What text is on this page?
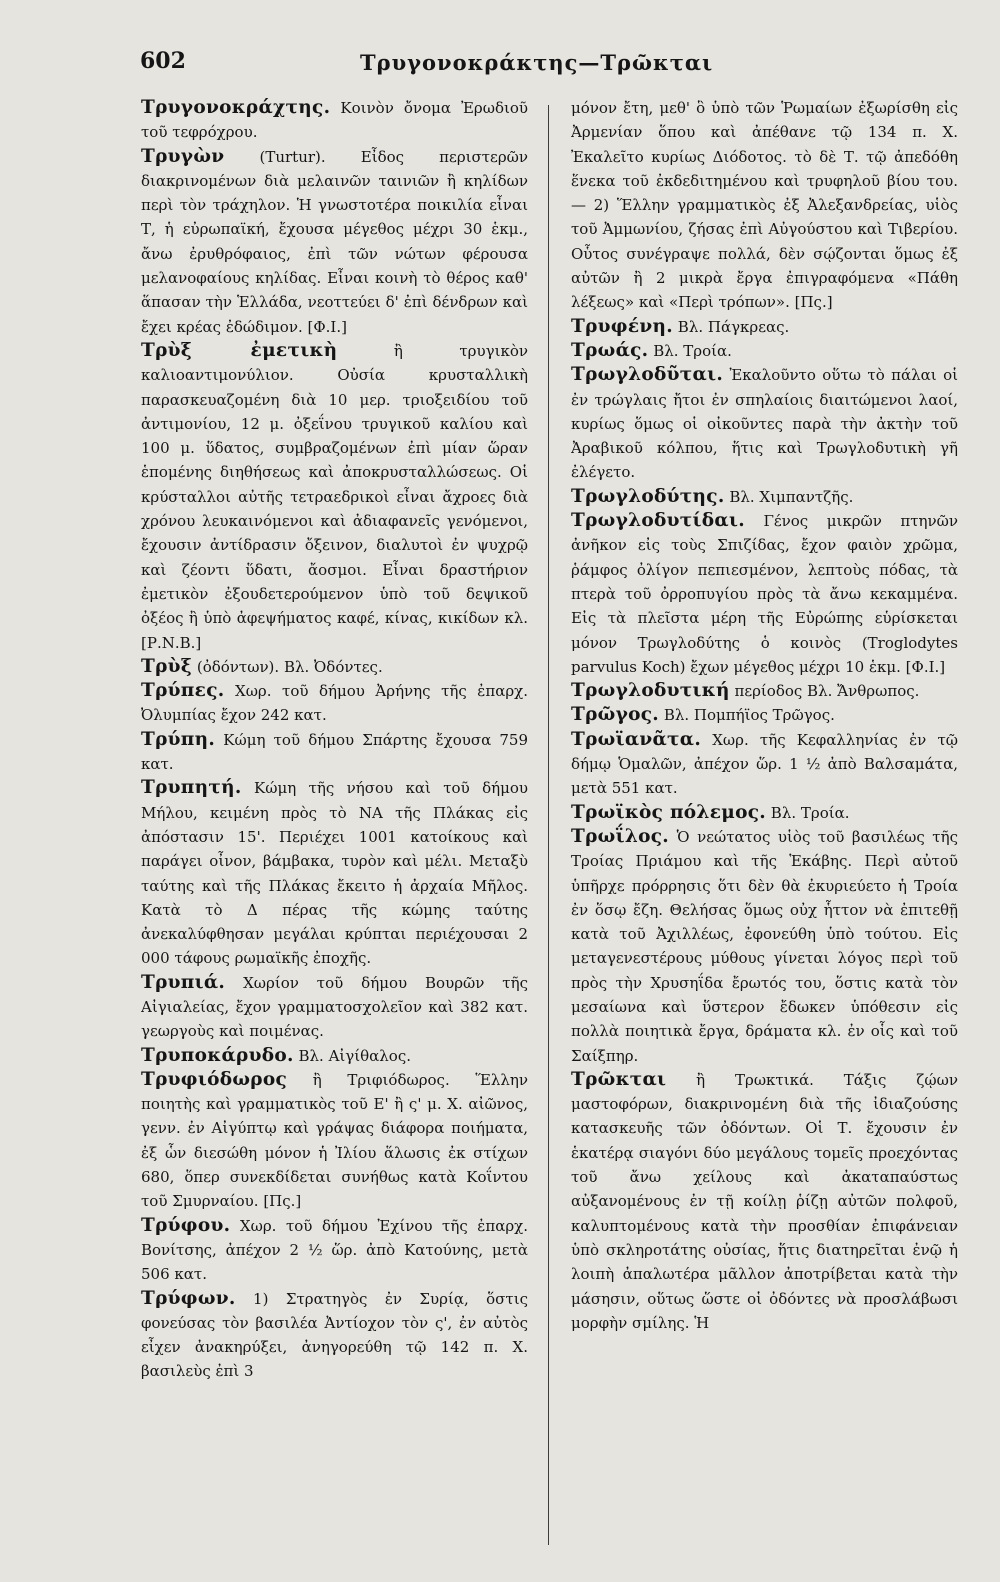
602	Τρυγονοκράκτης—Τρῶκται

Τρυγονοκράχτης. Κοινὸν ὄνομα Ἐρωδιοῦ τοῦ τεφρόχρου.

Τρυγὼν (Turtur). Εἶδος περιστερῶν διακρινομένων διὰ μελαινῶν ταινιῶν ἢ κηλίδων περὶ τὸν τράχηλον. Ἡ γνωστοτέρα ποικιλία εἶναι Τ, ἡ εὐρωπαϊκή, ἔχουσα μέγεθος μέχρι 30 ἑκμ., ἄνω ἐρυθρόφαιος, ἐπὶ τῶν νώτων φέρουσα μελανοφαίους κηλίδας. Εἶναι κοινὴ τὸ θέρος καθ' ἅπασαν τὴν Ἑλλάδα, νεοττεύει δ' ἐπὶ δένδρων καὶ ἔχει κρέας ἐδώδιμον. [Φ.Ι.]

Τρὺξ ἐμετικὴ ἢ τρυγικὸν καλιοαντιμονύλιον. Οὐσία κρυσταλλικὴ παρασκευαζομένη διὰ 10 μερ. τριοξειδίου τοῦ ἀντιμονίου, 12 μ. ὀξεΐνου τρυγικοῦ καλίου καὶ 100 μ. ὕδατος, συμβραζομένων ἐπὶ μίαν ὥραν ἑπομένης διηθήσεως καὶ ἀποκρυσταλλώσεως. Οἱ κρύσταλλοι αὐτῆς τετραεδρικοὶ εἶναι ἄχροες διὰ χρόνου λευκαινόμενοι καὶ ἀδιαφανεῖς γενόμενοι, ἔχουσιν ἀντίδρασιν ὄξεινον, διαλυτοὶ ἐν ψυχρῷ καὶ ζέοντι ὕδατι, ἄοσμοι. Εἶναι δραστήριον ἐμετικὸν ἐξουδετερούμενον ὑπὸ τοῦ δεψικοῦ ὀξέος ἢ ὑπὸ ἀφεψήματος καφέ, κίνας, κικίδων κλ. [Ρ.Ν.Β.]

Τρὺξ (ὀδόντων). Βλ. Ὀδόντες.

Τρύπες. Χωρ. τοῦ δήμου Ἀρήνης τῆς ἐπαρχ. Ὀλυμπίας ἔχον 242 κατ.

Τρύπη. Κώμη τοῦ δήμου Σπάρτης ἔχουσα 759 κατ.

Τρυπητή. Κώμη τῆς νήσου καὶ τοῦ δήμου Μήλου, κειμένη πρὸς τὸ ΝΑ τῆς Πλάκας εἰς ἀπόστασιν 15'. Περιέχει 1001 κατοίκους καὶ παράγει οἶνον, βάμβακα, τυρὸν καὶ μέλι. Μεταξὺ ταύτης καὶ τῆς Πλάκας ἔκειτο ἡ ἀρχαία Μῆλος. Κατὰ τὸ Δ πέρας τῆς κώμης ταύτης ἀνεκαλύφθησαν μεγάλαι κρύπται περιέχουσαι 2 000 τάφους ρωμαϊκῆς ἐποχῆς.

Τρυπιά. Χωρίον τοῦ δήμου Βουρῶν τῆς Αἰγιαλείας, ἔχον γραμματοσχολεῖον καὶ 382 κατ. γεωργοὺς καὶ ποιμένας.

Τρυποκάρυδο. Βλ. Αἰγίθαλος.

Τρυφιόδωρος ἢ Τριφιόδωρος. Ἕλλην ποιητὴς καὶ γραμματικὸς τοῦ Ε' ἢ ς' μ. Χ. αἰῶνος, γενν. ἐν Αἰγύπτῳ καὶ γράψας διάφορα ποιήματα, ἐξ ὧν διεσώθη μόνον ἡ Ἰλίου ἅλωσις ἐκ στίχων 680, ὅπερ συνεκδίδεται συνήθως κατὰ Κοΐντου τοῦ Σμυρναίου. [Πς.]

Τρύφου. Χωρ. τοῦ δήμου Ἐχίνου τῆς ἐπαρχ. Βονίτσης, ἀπέχον 2 ½ ὥρ. ἀπὸ Κατούνης, μετὰ 506 κατ.

Τρύφων. 1) Στρατηγὸς ἐν Συρίᾳ, ὅστις φονεύσας τὸν βασιλέα Ἀντίοχον τὸν ς', ἐν αὐτὸς εἶχεν ἀνακηρύξει, ἀνηγορεύθη τῷ 142 π. Χ. βασιλεὺς ἐπὶ 3

μόνον ἔτη, μεθ' ὃ ὑπὸ τῶν Ῥωμαίων ἐξωρίσθη εἰς Ἀρμενίαν ὅπου καὶ ἀπέθανε τῷ 134 π. Χ. Ἐκαλεῖτο κυρίως Διόδοτος. τὸ δὲ Τ. τῷ ἀπεδόθη ἕνεκα τοῦ ἐκδεδιτημένου καὶ τρυφηλοῦ βίου του. — 2) Ἕλλην γραμματικὸς ἐξ Ἀλεξανδρείας, υἱὸς τοῦ Ἀμμωνίου, ζήσας ἐπὶ Αὐγούστου καὶ Τιβερίου. Οὗτος συνέγραψε πολλά, δὲν σῴζονται ὅμως ἐξ αὐτῶν ἢ 2 μικρὰ ἔργα ἐπιγραφόμενα «Πάθη λέξεως» καὶ «Περὶ τρόπων». [Πς.]

Τρυφένη. Βλ. Πάγκρεας.

Τρωάς. Βλ. Τροία.

Τρωγλοδῦται. Ἐκαλοῦντο οὕτω τὸ πάλαι οἱ ἐν τρώγλαις ἤτοι ἐν σπηλαίοις διαιτώμενοι λαοί, κυρίως ὅμως οἱ οἰκοῦντες παρὰ τὴν ἀκτὴν τοῦ Ἀραβικοῦ κόλπου, ἥτις καὶ Τρωγλοδυτικὴ γῆ ἐλέγετο.

Τρωγλοδύτης. Βλ. Χιμπαντζῆς.

Τρωγλοδυτίδαι. Γένος μικρῶν πτηνῶν ἀνῆκον εἰς τοὺς Σπιζίδας, ἔχον φαιὸν χρῶμα, ῥάμφος ὀλίγον πεπιεσμένον, λεπτοὺς πόδας, τὰ πτερὰ τοῦ ὀρροπυγίου πρὸς τὰ ἄνω κεκαμμένα. Εἰς τὰ πλεῖστα μέρη τῆς Εὐρώπης εὑρίσκεται μόνον Τρωγλοδύτης ὁ κοινὸς (Troglodytes parvulus Koch) ἔχων μέγεθος μέχρι 10 ἑκμ. [Φ.Ι.]

Τρωγλοδυτική περίοδος Βλ. Ἄνθρωπος.

Τρῶγος. Βλ. Πομπήϊος Τρῶγος.

Τρωϊανᾶτα. Χωρ. τῆς Κεφαλληνίας ἐν τῷ δήμῳ Ὁμαλῶν, ἀπέχον ὥρ. 1 ½ ἀπὸ Βαλσαμάτα, μετὰ 551 κατ.

Τρωϊκὸς πόλεμος. Βλ. Τροία.

Τρωΐλος. Ὁ νεώτατος υἱὸς τοῦ βασιλέως τῆς Τροίας Πριάμου καὶ τῆς Ἑκάβης. Περὶ αὐτοῦ ὑπῆρχε πρόρρησις ὅτι δὲν θὰ ἐκυριεύετο ἡ Τροία ἐν ὅσῳ ἔζη. Θελήσας ὅμως οὐχ ἧττον νὰ ἐπιτεθῇ κατὰ τοῦ Ἀχιλλέως, ἐφονεύθη ὑπὸ τούτου. Εἰς μεταγενεστέρους μύθους γίνεται λόγος περὶ τοῦ πρὸς τὴν Χρυσηΐδα ἔρωτός του, ὅστις κατὰ τὸν μεσαίωνα καὶ ὕστερον ἔδωκεν ὑπόθεσιν εἰς πολλὰ ποιητικὰ ἔργα, δράματα κλ. ἐν οἷς καὶ τοῦ Σαίξπηρ.

Τρῶκται ἢ Τρωκτικά. Τάξις ζῴων μαστοφόρων, διακρινομένη διὰ τῆς ἰδιαζούσης κατασκευῆς τῶν ὀδόντων. Οἱ Τ. ἔχουσιν ἐν ἑκατέρᾳ σιαγόνι δύο μεγάλους τομεῖς προεχόντας τοῦ ἄνω χείλους καὶ ἀκαταπαύστως αὐξανομένους ἐν τῇ κοίλῃ ῥίζῃ αὐτῶν πολφοῦ, καλυπτομένους κατὰ τὴν προσθίαν ἐπιφάνειαν ὑπὸ σκληροτάτης οὐσίας, ἥτις διατηρεῖται ἐνῷ ἡ λοιπὴ ἀπαλωτέρα μᾶλλον ἀποτρίβεται κατὰ τὴν μάσησιν, οὕτως ὥστε οἱ ὀδόντες νὰ προσλάβωσι μορφὴν σμίλης. Ἡ
